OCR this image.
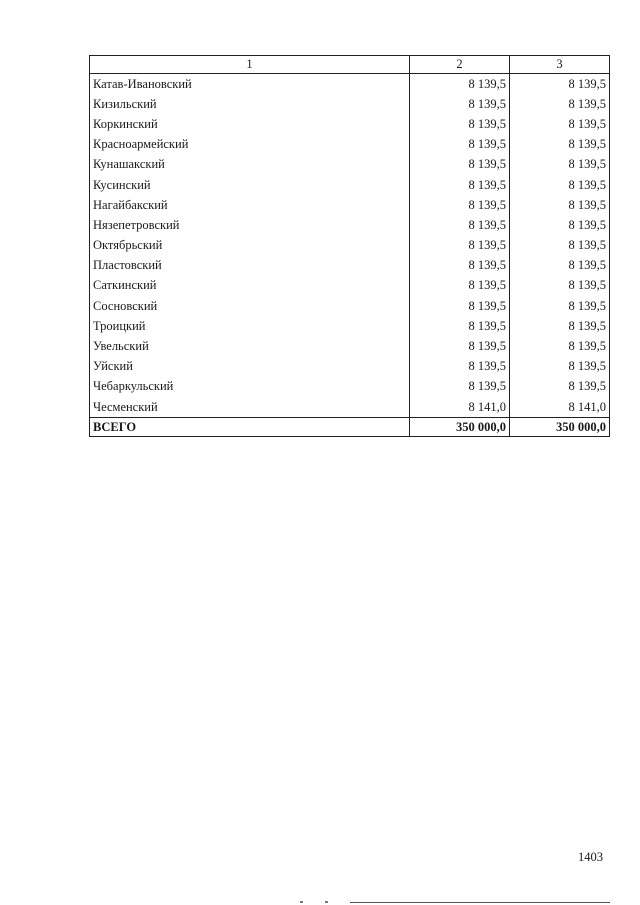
1	2	3
Катав-Ивановский	8 139,5	8 139,5
Кизильский	8 139,5	8 139,5
Коркинский	8 139,5	8 139,5
Красноармейский	8 139,5	8 139,5
Кунашакский	8 139,5	8 139,5
Кусинский	8 139,5	8 139,5
Нагайбакский	8 139,5	8 139,5
Нязепетровский	8 139,5	8 139,5
Октябрьский	8 139,5	8 139,5
Пластовский	8 139,5	8 139,5
Саткинский	8 139,5	8 139,5
Сосновский	8 139,5	8 139,5
Троицкий	8 139,5	8 139,5
Увельский	8 139,5	8 139,5
Уйский	8 139,5	8 139,5
Чебаркульский	8 139,5	8 139,5
Чесменский	8 141,0	8 141,0
ВСЕГО	350 000,0	350 000,0
1403
